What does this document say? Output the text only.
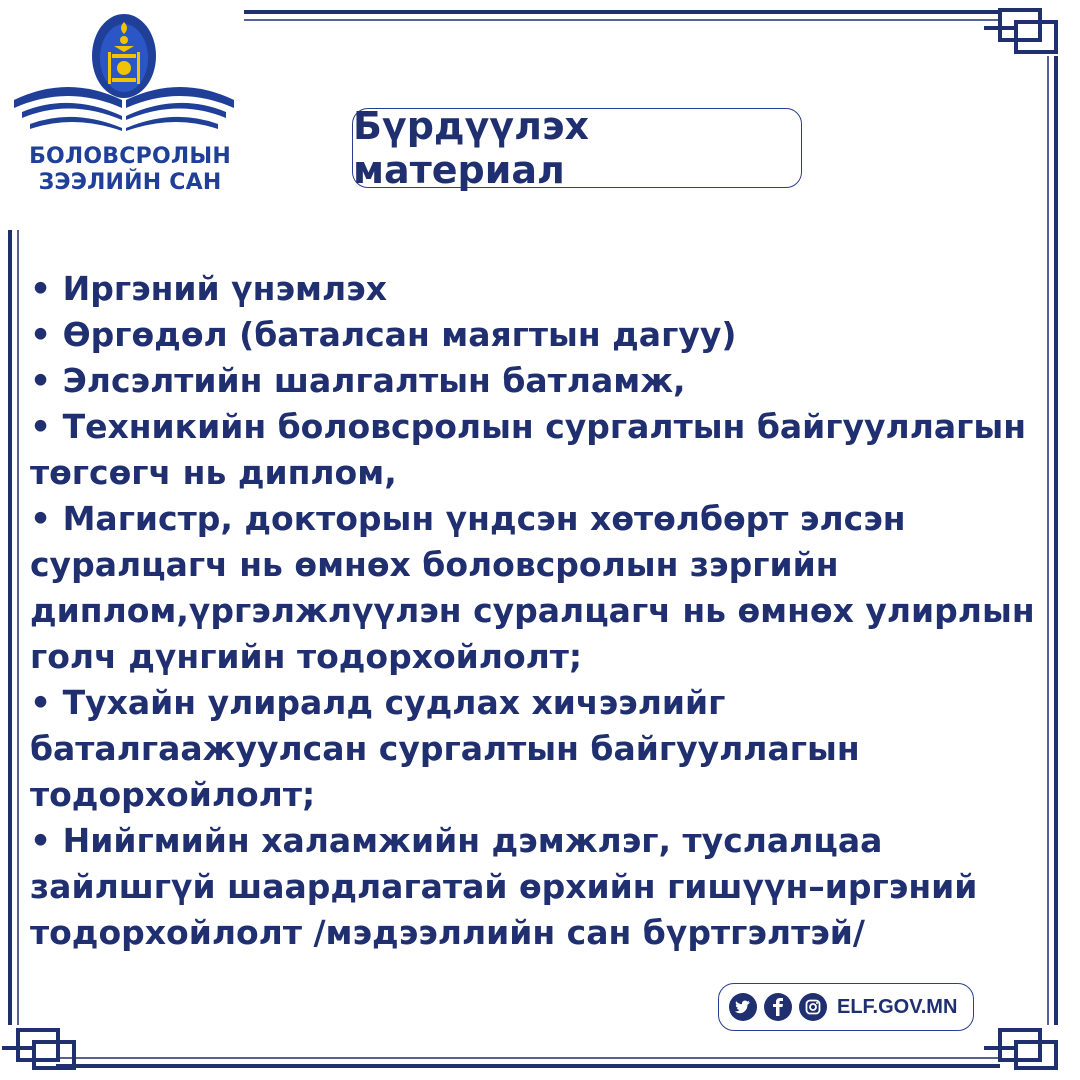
БОЛОВСРОЛЫН
ЗЭЭЛИЙН САН
Бүрдүүлэх материал

• Иргэний үнэмлэх

• Өргөдөл (баталсан маягтын дагуу)

• Элсэлтийн шалгалтын батламж,

• Техникийн боловсролын сургалтын байгууллагын төгсөгч нь диплом,

• Магистр, докторын үндсэн хөтөлбөрт элсэн суралцагч нь өмнөх боловсролын зэргийн диплом,үргэлжлүүлэн суралцагч нь өмнөх улирлын голч дүнгийн тодорхойлолт;

• Тухайн улиралд судлах хичээлийг баталгаажуулсан сургалтын байгууллагын тодорхойлолт;

• Нийгмийн халамжийн дэмжлэг, туслалцаа зайлшгүй шаардлагатай өрхийн гишүүн–иргэний тодорхойлолт /мэдээллийн сан бүртгэлтэй/

ELF.GOV.MN
